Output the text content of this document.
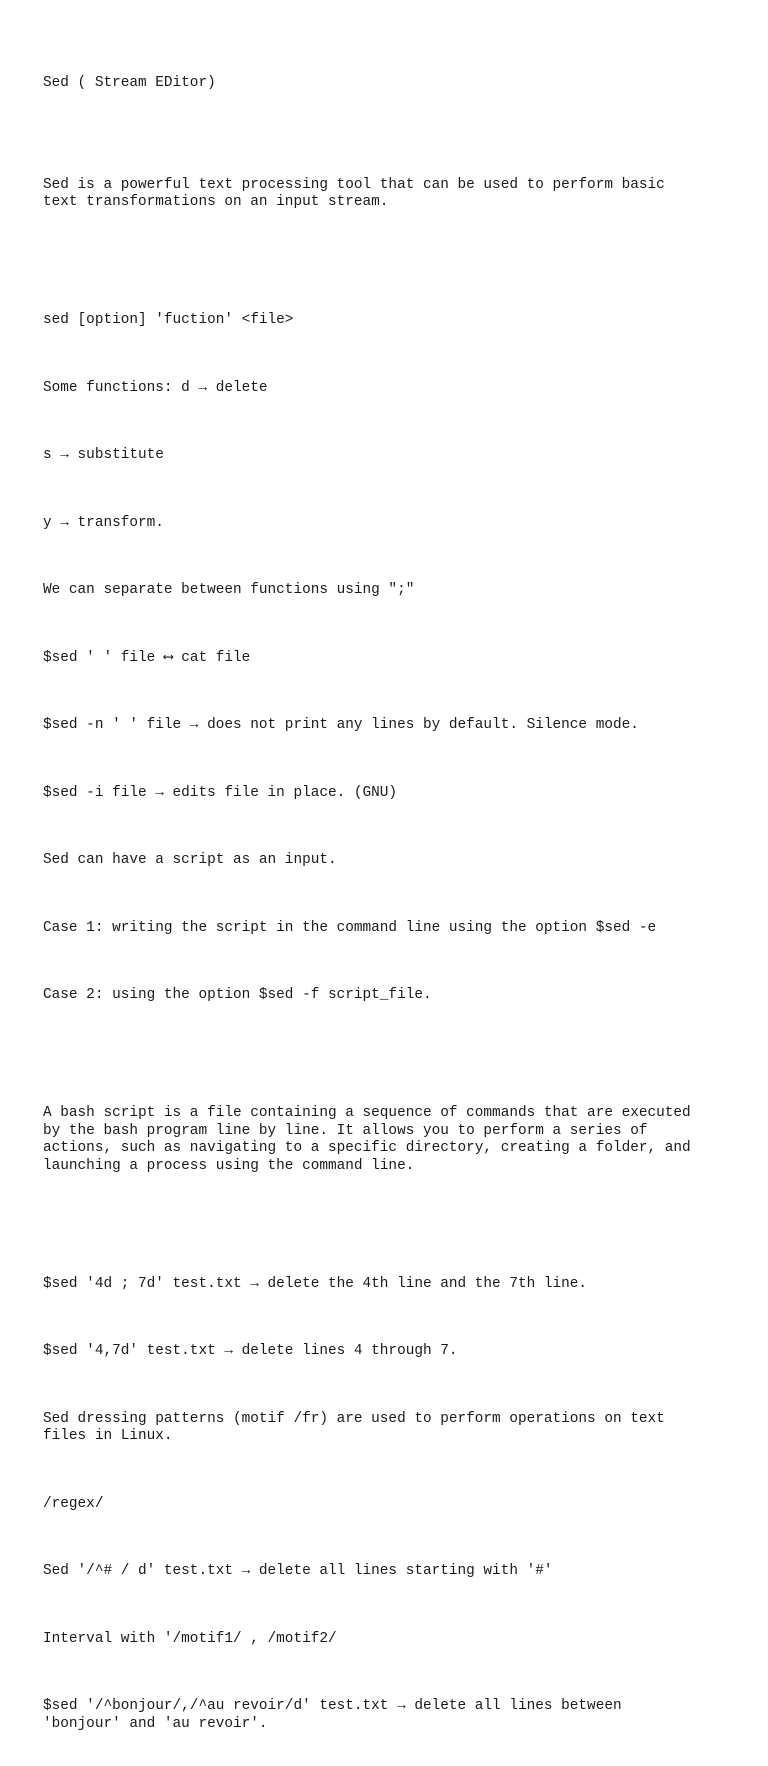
Sed ( Stream EDitor)

Sed is a powerful text processing tool that can be used to perform basic
text transformations on an input stream.

sed [option] 'fuction' <file>

Some functions: d → delete

s → substitute

y → transform.

We can separate between functions using ";"

$sed ' ' file ⟷ cat file

$sed -n ' ' file → does not print any lines by default. Silence mode.

$sed -i file → edits file in place. (GNU)

Sed can have a script as an input.

Case 1: writing the script in the command line using the option $sed -e

Case 2: using the option $sed -f script_file.

A bash script is a file containing a sequence of commands that are executed
by the bash program line by line. It allows you to perform a series of
actions, such as navigating to a specific directory, creating a folder, and
launching a process using the command line.

$sed '4d ; 7d' test.txt → delete the 4th line and the 7th line.

$sed '4,7d' test.txt → delete lines 4 through 7.

Sed dressing patterns (motif /fr) are used to perform operations on text
files in Linux.

/regex/

Sed '/^# / d' test.txt → delete all lines starting with '#'

Interval with '/motif1/ , /motif2/

$sed '/^bonjour/,/^au revoir/d' test.txt → delete all lines between
'bonjour' and 'au revoir'.
